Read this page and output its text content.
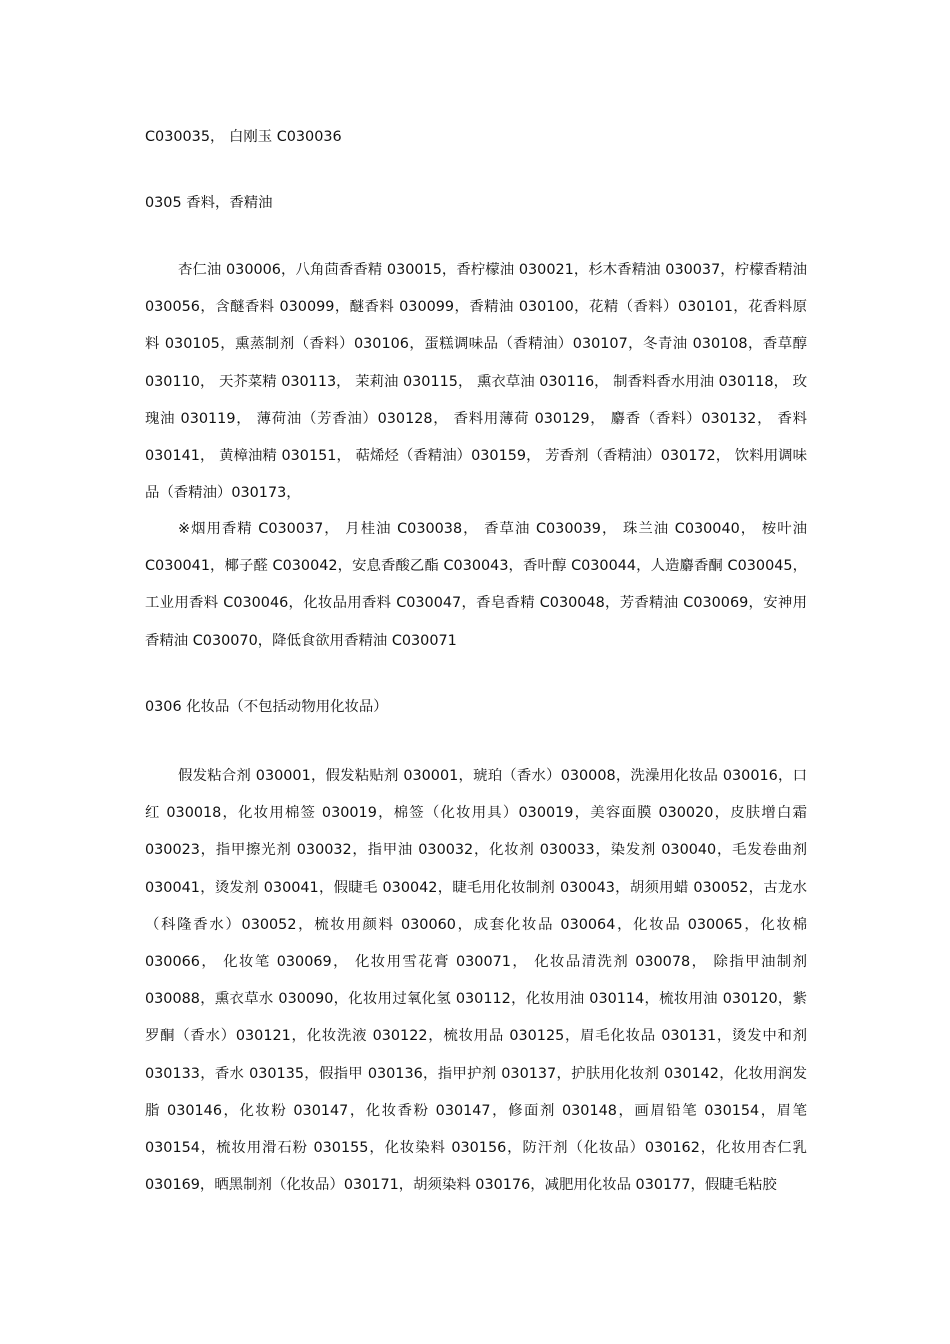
C030035， 白刚玉 C030036
0305 香料，香精油

杏仁油 030006，八角茴香香精 030015，香柠檬油 030021，杉木香精油 030037，柠檬香精油 030056，含醚香料 030099，醚香料 030099，香精油 030100，花精（香料）030101，花香料原料 030105，熏蒸制剂（香料）030106，蛋糕调味品（香精油）030107，冬青油 030108，香草醇 030110， 天芥菜精 030113， 茉莉油 030115， 熏衣草油 030116， 制香料香水用油 030118， 玫瑰油 030119， 薄荷油（芳香油）030128， 香料用薄荷 030129， 麝香（香料）030132， 香料 030141， 黄樟油精 030151， 萜烯烃（香精油）030159， 芳香剂（香精油）030172， 饮料用调味品（香精油）030173，

※烟用香精 C030037， 月桂油 C030038， 香草油 C030039， 珠兰油 C030040， 桉叶油 C030041，椰子醛 C030042，安息香酸乙酯 C030043，香叶醇 C030044，人造麝香酮 C030045，工业用香料 C030046，化妆品用香料 C030047，香皂香精 C030048，芳香精油 C030069，安神用香精油 C030070，降低食欲用香精油 C030071

0306 化妆品（不包括动物用化妆品）

假发粘合剂 030001，假发粘贴剂 030001，琥珀（香水）030008，洗澡用化妆品 030016，口红 030018，化妆用棉签 030019，棉签（化妆用具）030019，美容面膜 030020，皮肤增白霜 030023，指甲擦光剂 030032，指甲油 030032，化妆剂 030033，染发剂 030040，毛发卷曲剂 030041，烫发剂 030041，假睫毛 030042，睫毛用化妆制剂 030043，胡须用蜡 030052，古龙水（科隆香水）030052，梳妆用颜料 030060，成套化妆品 030064，化妆品 030065，化妆棉 030066， 化妆笔 030069， 化妆用雪花膏 030071， 化妆品清洗剂 030078， 除指甲油制剂 030088，熏衣草水 030090，化妆用过氧化氢 030112，化妆用油 030114，梳妆用油 030120，紫罗酮（香水）030121，化妆洗液 030122，梳妆用品 030125，眉毛化妆品 030131，烫发中和剂 030133，香水 030135，假指甲 030136，指甲护剂 030137，护肤用化妆剂 030142，化妆用润发脂 030146，化妆粉 030147，化妆香粉 030147，修面剂 030148，画眉铅笔 030154，眉笔 030154，梳妆用滑石粉 030155，化妆染料 030156，防汗剂（化妆品）030162，化妆用杏仁乳 030169，晒黑制剂（化妆品）030171，胡须染料 030176，减肥用化妆品 030177，假睫毛粘胶
